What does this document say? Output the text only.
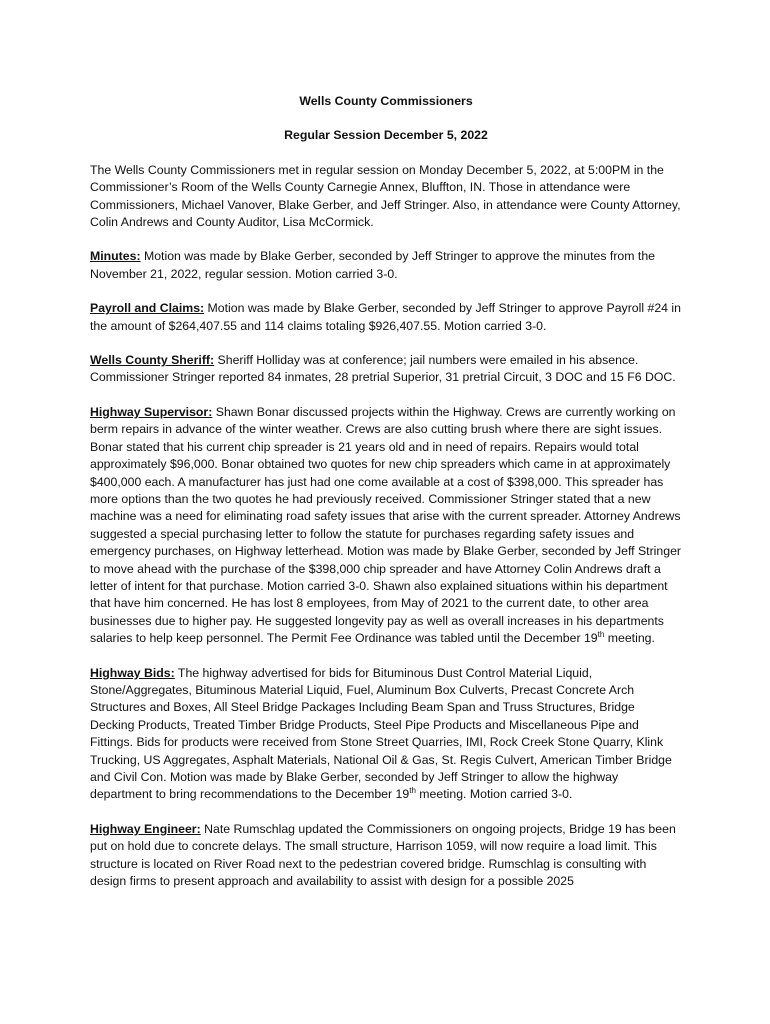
Wells County Commissioners
Regular Session December 5, 2022

The Wells County Commissioners met in regular session on Monday December 5, 2022, at 5:00PM in the Commissioner’s Room of the Wells County Carnegie Annex, Bluffton, IN. Those in attendance were Commissioners, Michael Vanover, Blake Gerber, and Jeff Stringer. Also, in attendance were County Attorney, Colin Andrews and County Auditor, Lisa McCormick.

Minutes: Motion was made by Blake Gerber, seconded by Jeff Stringer to approve the minutes from the November 21, 2022, regular session. Motion carried 3-0.

Payroll and Claims: Motion was made by Blake Gerber, seconded by Jeff Stringer to approve Payroll #24 in the amount of $264,407.55 and 114 claims totaling $926,407.55. Motion carried 3-0.

Wells County Sheriff: Sheriff Holliday was at conference; jail numbers were emailed in his absence. Commissioner Stringer reported 84 inmates, 28 pretrial Superior, 31 pretrial Circuit, 3 DOC and 15 F6 DOC.

Highway Supervisor: Shawn Bonar discussed projects within the Highway. Crews are currently working on berm repairs in advance of the winter weather. Crews are also cutting brush where there are sight issues. Bonar stated that his current chip spreader is 21 years old and in need of repairs. Repairs would total approximately $96,000. Bonar obtained two quotes for new chip spreaders which came in at approximately $400,000 each. A manufacturer has just had one come available at a cost of $398,000. This spreader has more options than the two quotes he had previously received. Commissioner Stringer stated that a new machine was a need for eliminating road safety issues that arise with the current spreader. Attorney Andrews suggested a special purchasing letter to follow the statute for purchases regarding safety issues and emergency purchases, on Highway letterhead. Motion was made by Blake Gerber, seconded by Jeff Stringer to move ahead with the purchase of the $398,000 chip spreader and have Attorney Colin Andrews draft a letter of intent for that purchase. Motion carried 3-0. Shawn also explained situations within his department that have him concerned. He has lost 8 employees, from May of 2021 to the current date, to other area businesses due to higher pay. He suggested longevity pay as well as overall increases in his departments salaries to help keep personnel. The Permit Fee Ordinance was tabled until the December 19th meeting.

Highway Bids: The highway advertised for bids for Bituminous Dust Control Material Liquid, Stone/Aggregates, Bituminous Material Liquid, Fuel, Aluminum Box Culverts, Precast Concrete Arch Structures and Boxes, All Steel Bridge Packages Including Beam Span and Truss Structures, Bridge Decking Products, Treated Timber Bridge Products, Steel Pipe Products and Miscellaneous Pipe and Fittings. Bids for products were received from Stone Street Quarries, IMI, Rock Creek Stone Quarry, Klink Trucking, US Aggregates, Asphalt Materials, National Oil & Gas, St. Regis Culvert, American Timber Bridge and Civil Con. Motion was made by Blake Gerber, seconded by Jeff Stringer to allow the highway department to bring recommendations to the December 19th meeting. Motion carried 3-0.

Highway Engineer: Nate Rumschlag updated the Commissioners on ongoing projects, Bridge 19 has been put on hold due to concrete delays. The small structure, Harrison 1059, will now require a load limit. This structure is located on River Road next to the pedestrian covered bridge. Rumschlag is consulting with design firms to present approach and availability to assist with design for a possible 2025
